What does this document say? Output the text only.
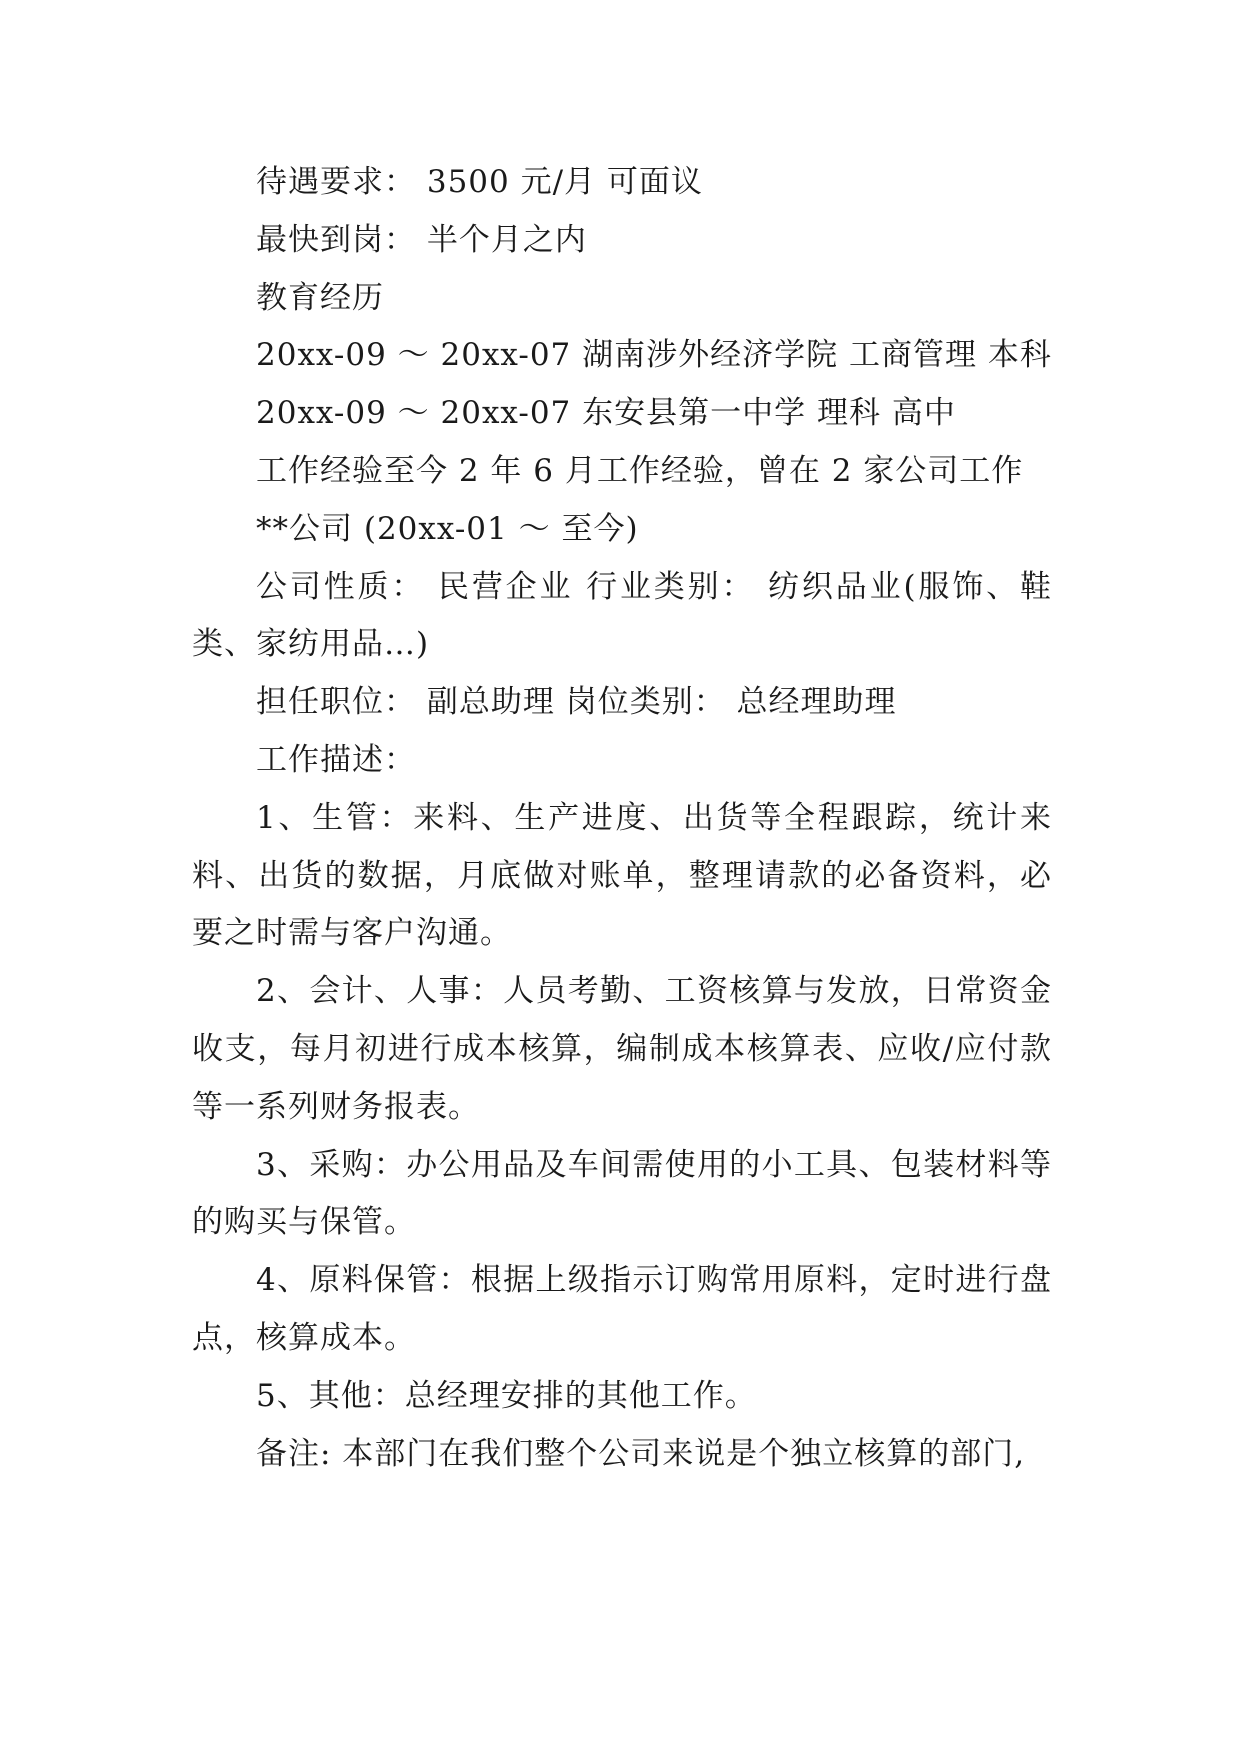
待遇要求： 3500 元/月 可面议

最快到岗： 半个月之内

教育经历

20xx-09 ～ 20xx-07 湖南涉外经济学院 工商管理 本科

20xx-09 ～ 20xx-07 东安县第一中学 理科 高中

工作经验至今 2 年 6 月工作经验，曾在 2 家公司工作

**公司 (20xx-01 ～ 至今)

公司性质： 民营企业 行业类别： 纺织品业(服饰、鞋类、家纺用品…)

担任职位： 副总助理 岗位类别： 总经理助理

工作描述：

1、生管：来料、生产进度、出货等全程跟踪，统计来料、出货的数据，月底做对账单，整理请款的必备资料，必要之时需与客户沟通。

2、会计、人事：人员考勤、工资核算与发放，日常资金收支，每月初进行成本核算，编制成本核算表、应收/应付款等一系列财务报表。

3、采购：办公用品及车间需使用的小工具、包装材料等的购买与保管。

4、原料保管：根据上级指示订购常用原料，定时进行盘点，核算成本。

5、其他：总经理安排的其他工作。

备注: 本部门在我们整个公司来说是个独立核算的部门,
